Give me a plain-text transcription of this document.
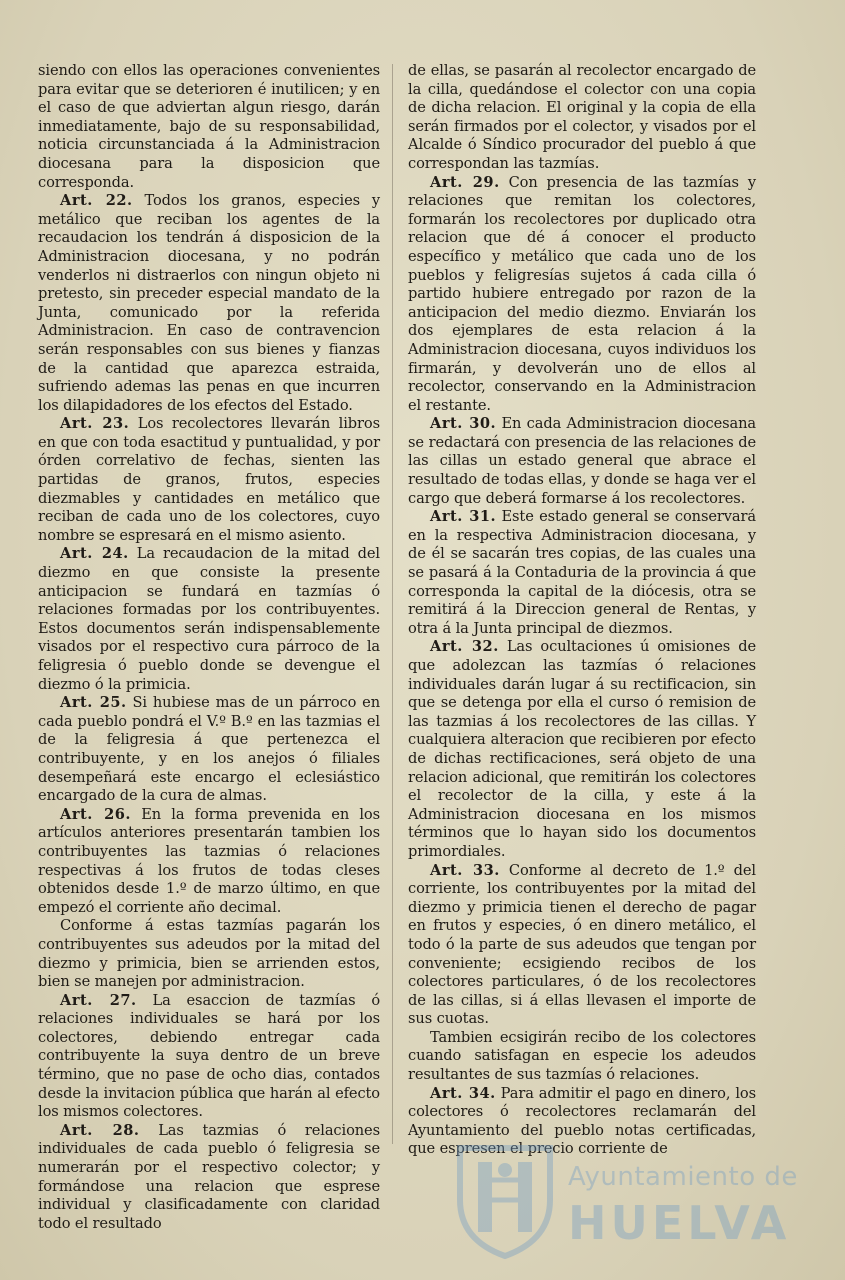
siendo con ellos las operaciones convenientes para evitar que se deterioren é inutilicen; y en el caso de que adviertan algun riesgo, darán inmediatamente, bajo de su responsabilidad, noticia circunstanciada á la Administracion diocesana para la disposicion que corresponda.

Art. 22. Todos los granos, especies y metálico que reciban los agentes de la recaudacion los tendrán á disposicion de la Administracion diocesana, y no podrán venderlos ni distraerlos con ningun objeto ni pretesto, sin preceder especial mandato de la Junta, comunicado por la referida Administracion. En caso de contravencion serán responsables con sus bienes y fianzas de la cantidad que aparezca estraida, sufriendo ademas las penas en que incurren los dilapidadores de los efectos del Estado.

Art. 23. Los recolectores llevarán libros en que con toda esactitud y puntualidad, y por órden correlativo de fechas, sienten las partidas de granos, frutos, especies diezmables y cantidades en metálico que reciban de cada uno de los colectores, cuyo nombre se espresará en el mismo asiento.

Art. 24. La recaudacion de la mitad del diezmo en que consiste la presente anticipacion se fundará en tazmías ó relaciones formadas por los contribuyentes. Estos documentos serán indispensablemente visados por el respectivo cura párroco de la feligresia ó pueblo donde se devengue el diezmo ó la primicia.

Art. 25. Si hubiese mas de un párroco en cada pueblo pondrá el V.º B.º en las tazmias el de la feligresia á que pertenezca el contribuyente, y en los anejos ó filiales desempeñará este encargo el eclesiástico encargado de la cura de almas.

Art. 26. En la forma prevenida en los artículos anteriores presentarán tambien los contribuyentes las tazmias ó relaciones respectivas á los frutos de todas cleses obtenidos desde 1.º de marzo último, en que empezó el corriente año decimal.

Conforme á estas tazmías pagarán los contribuyentes sus adeudos por la mitad del diezmo y primicia, bien se arrienden estos, bien se manejen por administracion.

Art. 27. La esaccion de tazmías ó relaciones individuales se hará por los colectores, debiendo entregar cada contribuyente la suya dentro de un breve término, que no pase de ocho dias, contados desde la invitacion pública que harán al efecto los mismos colectores.

Art. 28. Las tazmias ó relaciones individuales de cada pueblo ó feligresia se numerarán por el respectivo colector; y formándose una relacion que esprese individual y clasificadamente con claridad todo el resultado

de ellas, se pasarán al recolector encargado de la cilla, quedándose el colector con una copia de dicha relacion. El original y la copia de ella serán firmados por el colector, y visados por el Alcalde ó Síndico procurador del pueblo á que correspondan las tazmías.

Art. 29. Con presencia de las tazmías y relaciones que remitan los colectores, formarán los recolectores por duplicado otra relacion que dé á conocer el producto específico y metálico que cada uno de los pueblos y feligresías sujetos á cada cilla ó partido hubiere entregado por razon de la anticipacion del medio diezmo. Enviarán los dos ejemplares de esta relacion á la Administracion diocesana, cuyos individuos los firmarán, y devolverán uno de ellos al recolector, conservando en la Administracion el restante.

Art. 30. En cada Administracion diocesana se redactará con presencia de las relaciones de las cillas un estado general que abrace el resultado de todas ellas, y donde se haga ver el cargo que deberá formarse á los recolectores.

Art. 31. Este estado general se conservará en la respectiva Administracion diocesana, y de él se sacarán tres copias, de las cuales una se pasará á la Contaduria de la provincia á que corresponda la capital de la diócesis, otra se remitirá á la Direccion general de Rentas, y otra á la Junta principal de diezmos.

Art. 32. Las ocultaciones ú omisiones de que adolezcan las tazmías ó relaciones individuales darán lugar á su rectificacion, sin que se detenga por ella el curso ó remision de las tazmias á los recolectores de las cillas. Y cualquiera alteracion que recibieren por efecto de dichas rectificaciones, será objeto de una relacion adicional, que remitirán los colectores el recolector de la cilla, y este á la Administracion diocesana en los mismos términos que lo hayan sido los documentos primordiales.

Art. 33. Conforme al decreto de 1.º del corriente, los contribuyentes por la mitad del diezmo y primicia tienen el derecho de pagar en frutos y especies, ó en dinero metálico, el todo ó la parte de sus adeudos que tengan por conveniente; ecsigiendo recibos de los colectores particulares, ó de los recolectores de las cillas, si á ellas llevasen el importe de sus cuotas.

Tambien ecsigirán recibo de los colectores cuando satisfagan en especie los adeudos resultantes de sus tazmías ó relaciones.

Art. 34. Para admitir el pago en dinero, los colectores ó recolectores reclamarán del Ayuntamiento del pueblo notas certificadas, que espresen el precio corriente de

Ayuntamiento de
HUELVA
